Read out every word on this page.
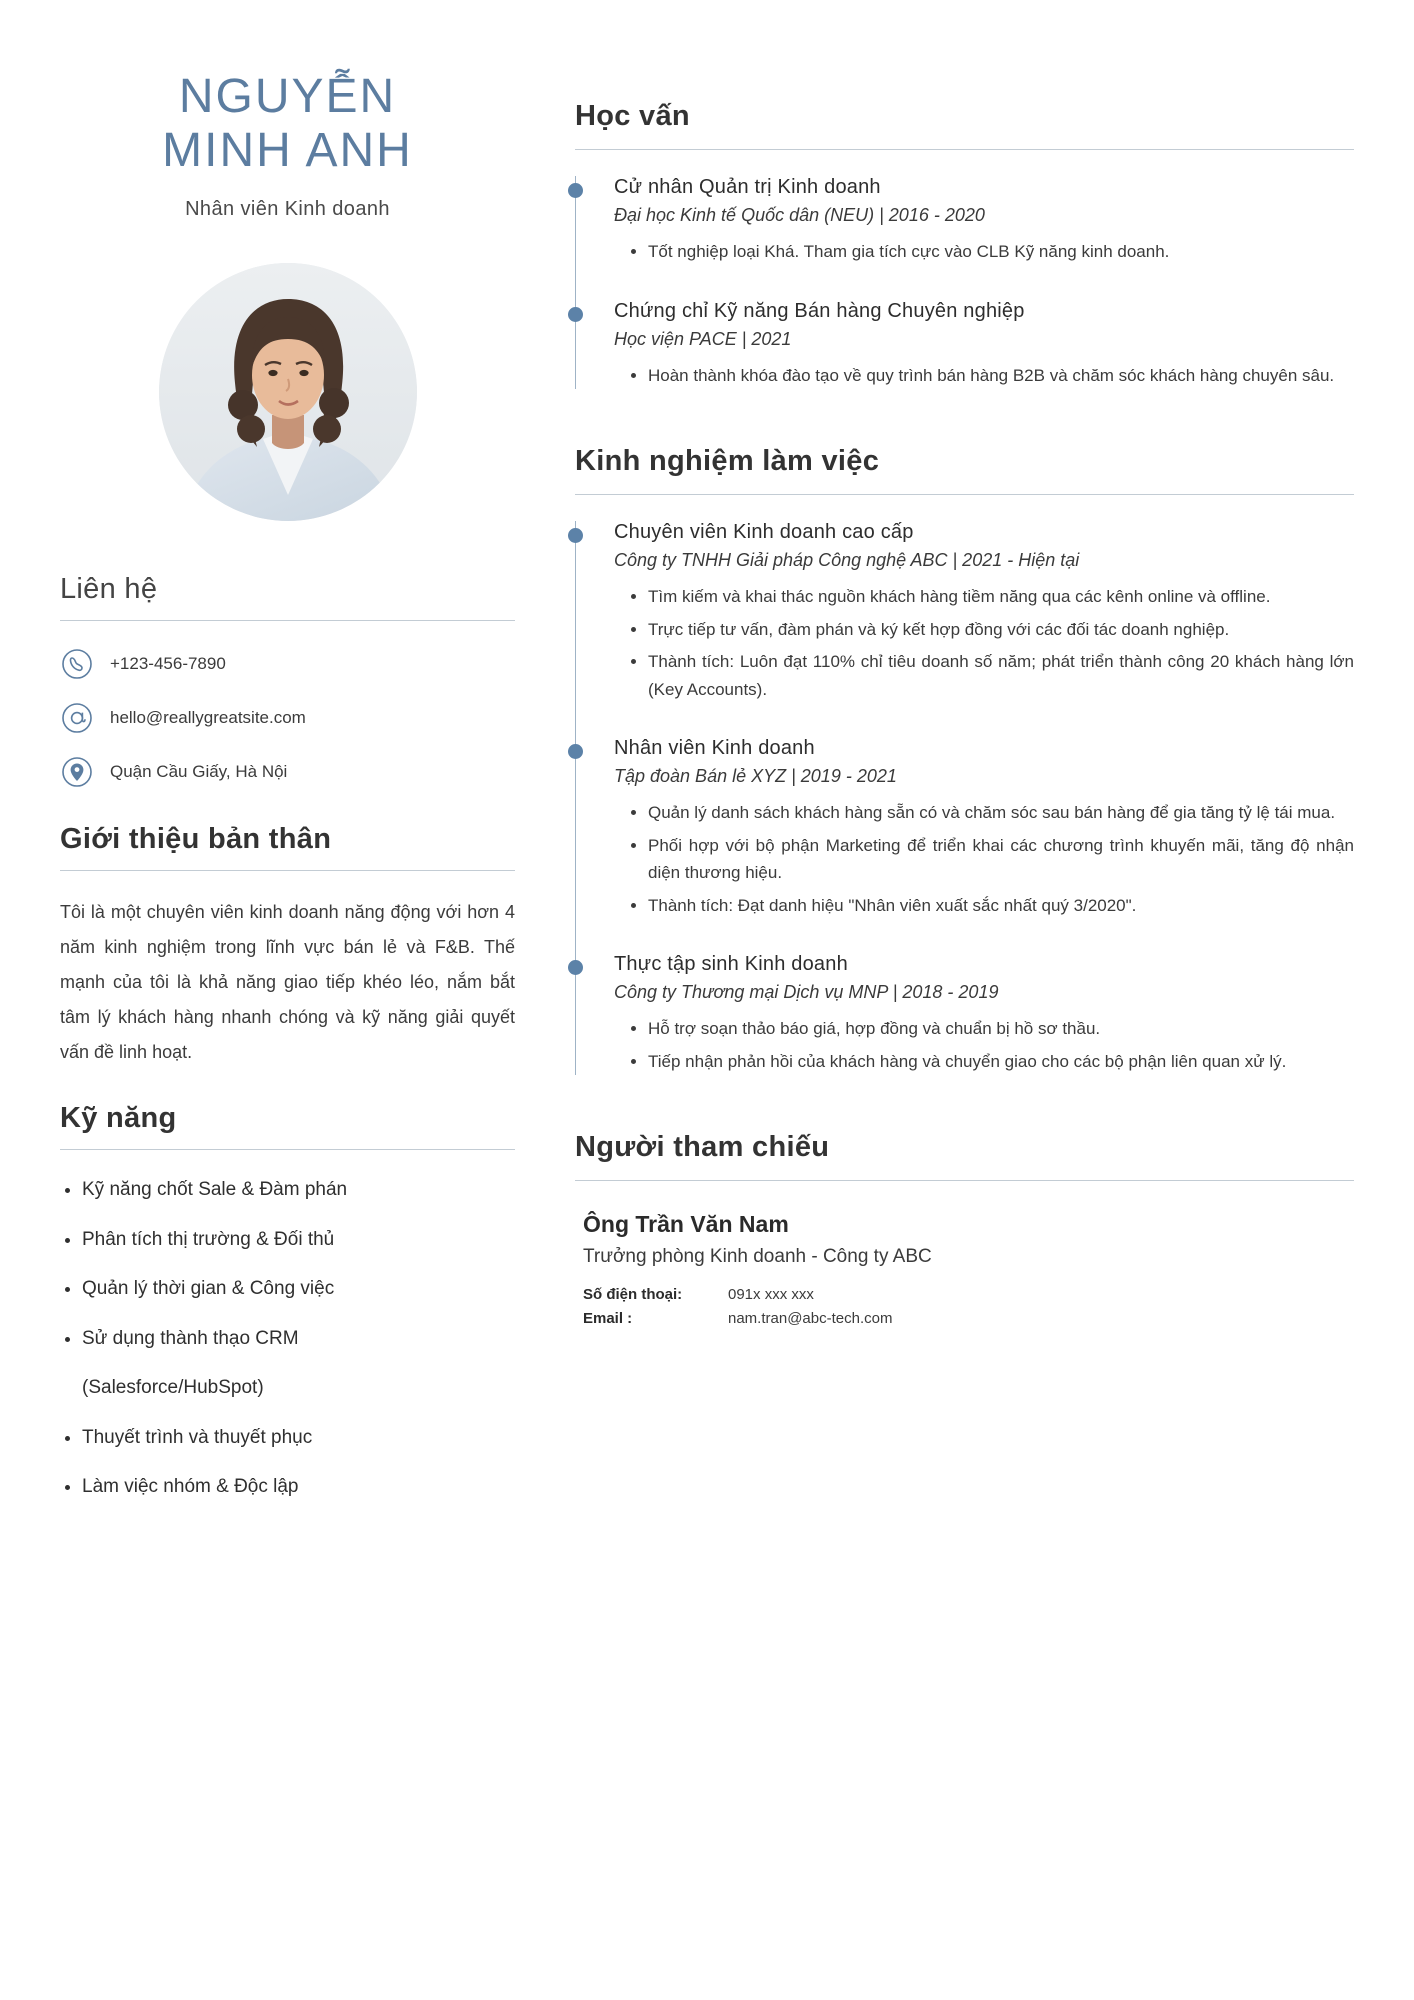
NGUYỄN
MINH ANH
Nhân viên Kinh doanh
Liên hệ
+123-456-7890
hello@reallygreatsite.com
Quận Cầu Giấy, Hà Nội
Giới thiệu bản thân
Tôi là một chuyên viên kinh doanh năng động với hơn 4 năm kinh nghiệm trong lĩnh vực bán lẻ và F&B. Thế mạnh của tôi là khả năng giao tiếp khéo léo, nắm bắt tâm lý khách hàng nhanh chóng và kỹ năng giải quyết vấn đề linh hoạt.
Kỹ năng
• Kỹ năng chốt Sale & Đàm phán
• Phân tích thị trường & Đối thủ
• Quản lý thời gian & Công việc
• Sử dụng thành thạo CRM
(Salesforce/HubSpot)
• Thuyết trình và thuyết phục
• Làm việc nhóm & Độc lập
Học vấn
Cử nhân Quản trị Kinh doanh
Đại học Kinh tế Quốc dân (NEU) | 2016 - 2020
• Tốt nghiệp loại Khá. Tham gia tích cực vào CLB Kỹ năng kinh doanh.
Chứng chỉ Kỹ năng Bán hàng Chuyên nghiệp
Học viện PACE | 2021
• Hoàn thành khóa đào tạo về quy trình bán hàng B2B và chăm sóc khách hàng chuyên sâu.
Kinh nghiệm làm việc
Chuyên viên Kinh doanh cao cấp
Công ty TNHH Giải pháp Công nghệ ABC | 2021 - Hiện tại
• Tìm kiếm và khai thác nguồn khách hàng tiềm năng qua các kênh online và offline.
• Trực tiếp tư vấn, đàm phán và ký kết hợp đồng với các đối tác doanh nghiệp.
• Thành tích: Luôn đạt 110% chỉ tiêu doanh số năm; phát triển thành công 20 khách hàng lớn (Key Accounts).
Nhân viên Kinh doanh
Tập đoàn Bán lẻ XYZ | 2019 - 2021
• Quản lý danh sách khách hàng sẵn có và chăm sóc sau bán hàng để gia tăng tỷ lệ tái mua.
• Phối hợp với bộ phận Marketing để triển khai các chương trình khuyến mãi, tăng độ nhận diện thương hiệu.
• Thành tích: Đạt danh hiệu "Nhân viên xuất sắc nhất quý 3/2020".
Thực tập sinh Kinh doanh
Công ty Thương mại Dịch vụ MNP | 2018 - 2019
• Hỗ trợ soạn thảo báo giá, hợp đồng và chuẩn bị hồ sơ thầu.
• Tiếp nhận phản hồi của khách hàng và chuyển giao cho các bộ phận liên quan xử lý.
Người tham chiếu
Ông Trần Văn Nam
Trưởng phòng Kinh doanh - Công ty ABC
Số điện thoại:	091x xxx xxx
Email :	nam.tran@abc-tech.com
